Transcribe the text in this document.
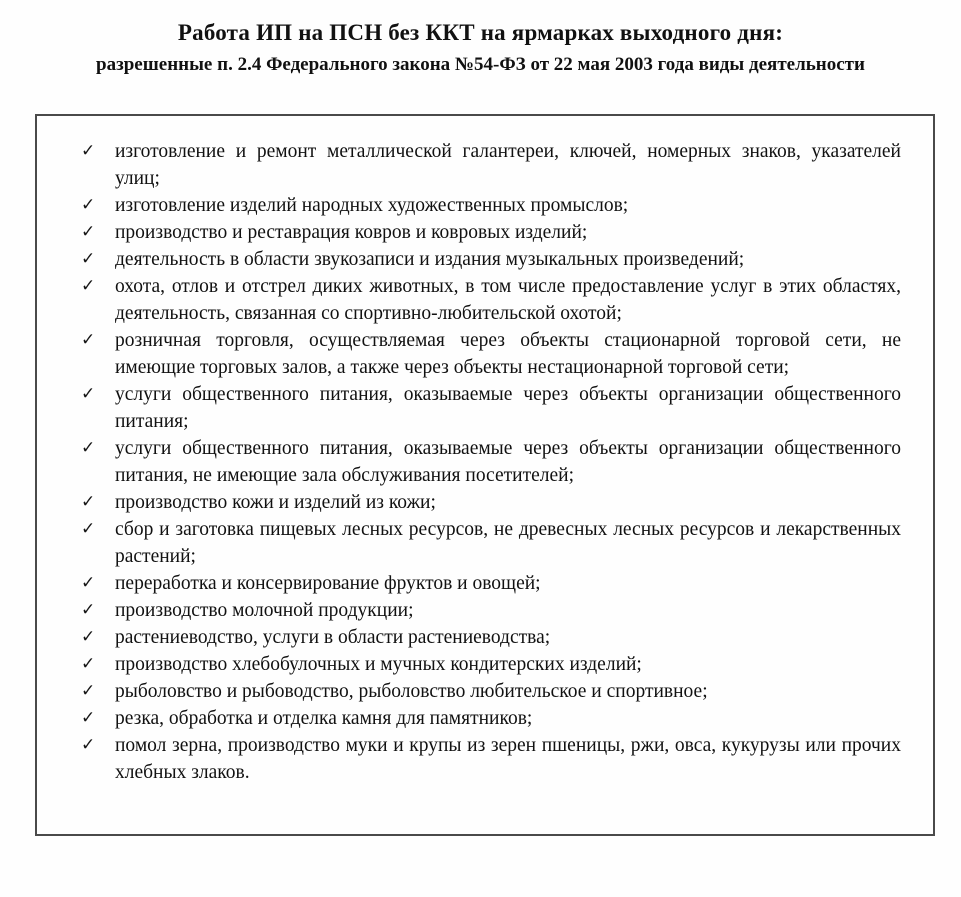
Работа ИП на ПСН без ККТ на ярмарках выходного дня:
разрешенные п. 2.4 Федерального закона №54-ФЗ от 22 мая 2003 года виды деятельности
✓	изготовление и ремонт металлической галантереи, ключей, номерных знаков, указателей улиц;
✓	изготовление изделий народных художественных промыслов;
✓	производство и реставрация ковров и ковровых изделий;
✓	деятельность в области звукозаписи и издания музыкальных произведений;
✓	охота, отлов и отстрел диких животных, в том числе предоставление услуг в этих областях, деятельность, связанная со спортивно-любительской охотой;
✓	розничная торговля, осуществляемая через объекты стационарной торговой сети, не имеющие торговых залов, а также через объекты нестационарной торговой сети;
✓	услуги общественного питания, оказываемые через объекты организации общественного питания;
✓	услуги общественного питания, оказываемые через объекты организации общественного питания, не имеющие зала обслуживания посетителей;
✓	производство кожи и изделий из кожи;
✓	сбор и заготовка пищевых лесных ресурсов, не древесных лесных ресурсов и лекарственных растений;
✓	переработка и консервирование фруктов и овощей;
✓	производство молочной продукции;
✓	растениеводство, услуги в области растениеводства;
✓	производство хлебобулочных и мучных кондитерских изделий;
✓	рыболовство и рыбоводство, рыболовство любительское и спортивное;
✓	резка, обработка и отделка камня для памятников;
✓	помол зерна, производство муки и крупы из зерен пшеницы, ржи, овса, кукурузы или прочих хлебных злаков.
